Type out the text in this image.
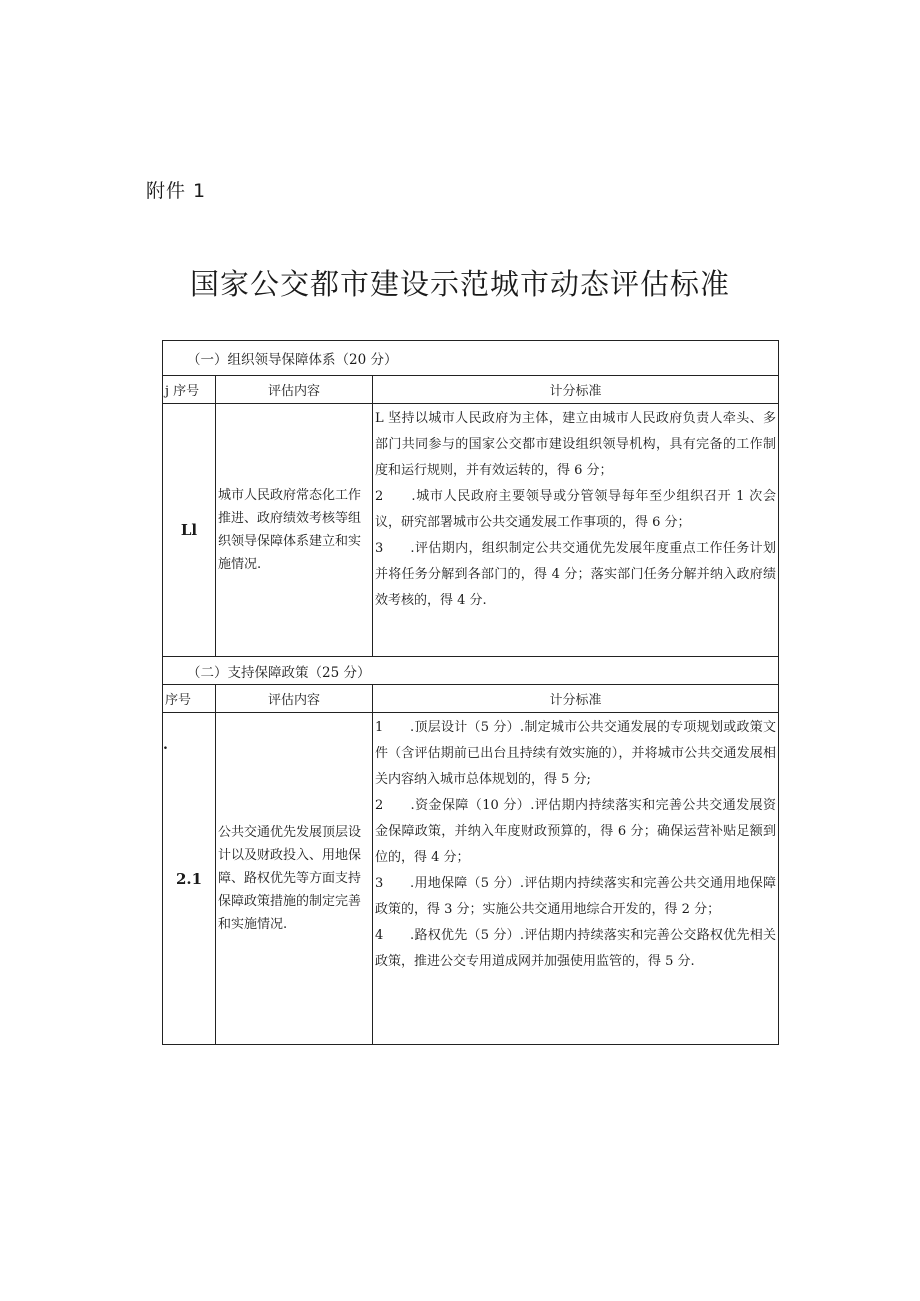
附件 1
国家公交都市建设示范城市动态评估标准
（一）组织领导保障体系（20 分）		
j 序号	评估内容	计分标准
Ll	城市人民政府常态化工作推进、政府绩效考核等组织领导保障体系建立和实施情况.	L 坚持以城市人民政府为主体，建立由城市人民政府负责人牵头、多部门共同参与的国家公交都市建设组织领导机构，具有完备的工作制度和运行规则，并有效运转的，得 6 分；
2　　.城市人民政府主要领导或分管领导每年至少组织召开 1 次会议，研究部署城市公共交通发展工作事项的，得 6 分；
3　　.评估期内，组织制定公共交通优先发展年度重点工作任务计划并将任务分解到各部门的，得 4 分；落实部门任务分解并纳入政府绩效考核的，得 4 分.

（二）支持保障政策（25 分）		
序号	评估内容	计分标准
2.1	公共交通优先发展顶层设计以及财政投入、用地保障、路权优先等方面支持保障政策措施的制定完善和实施情况.	1　　.顶层设计（5 分）.制定城市公共交通发展的专项规划或政策文件（含评估期前已出台且持续有效实施的），并将城市公共交通发展相关内容纳入城市总体规划的，得 5 分;
2　　.资金保障（10 分）.评估期内持续落实和完善公共交通发展资金保障政策，并纳入年度财政预算的，得 6 分；确保运营补贴足额到位的，得 4 分；
3　　.用地保障（5 分）.评估期内持续落实和完善公共交通用地保障政策的，得 3 分；实施公共交通用地综合开发的，得 2 分；
4　　.路权优先（5 分）.评估期内持续落实和完善公交路权优先相关政策，推进公交专用道成网并加强使用监管的，得 5 分.
.
